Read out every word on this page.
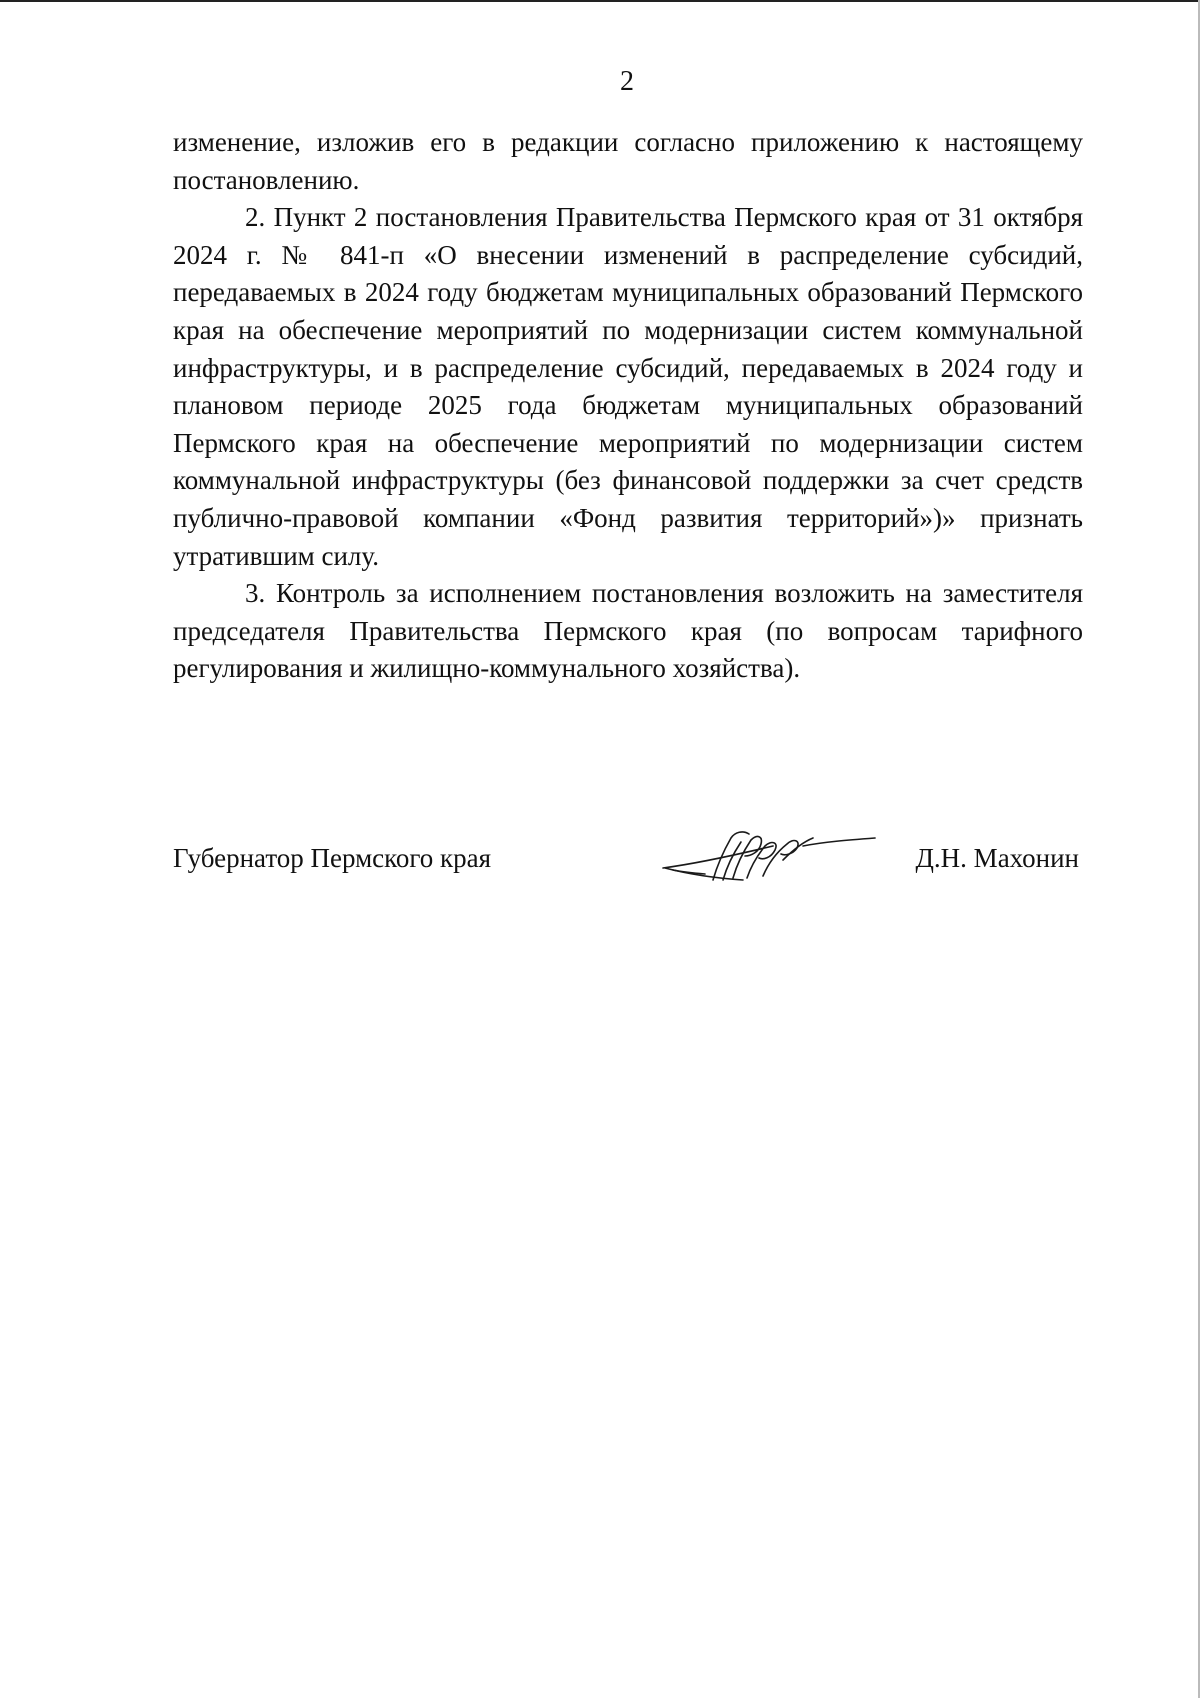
2

изменение, изложив его в редакции согласно приложению к настоящему постановлению.

2. Пункт 2 постановления Правительства Пермского края от 31 октября 2024 г. № 841-п «О внесении изменений в распределение субсидий, передаваемых в 2024 году бюджетам муниципальных образований Пермского края на обеспечение мероприятий по модернизации систем коммунальной инфраструктуры, и в распределение субсидий, передаваемых в 2024 году и плановом периоде 2025 года бюджетам муниципальных образований Пермского края на обеспечение мероприятий по модернизации систем коммунальной инфраструктуры (без финансовой поддержки за счет средств публично-правовой компании «Фонд развития территорий»)» признать утратившим силу.

3. Контроль за исполнением постановления возложить на заместителя председателя Правительства Пермского края (по вопросам тарифного регулирования и жилищно-коммунального хозяйства).

Губернатор Пермского края	Д.Н. Махонин
